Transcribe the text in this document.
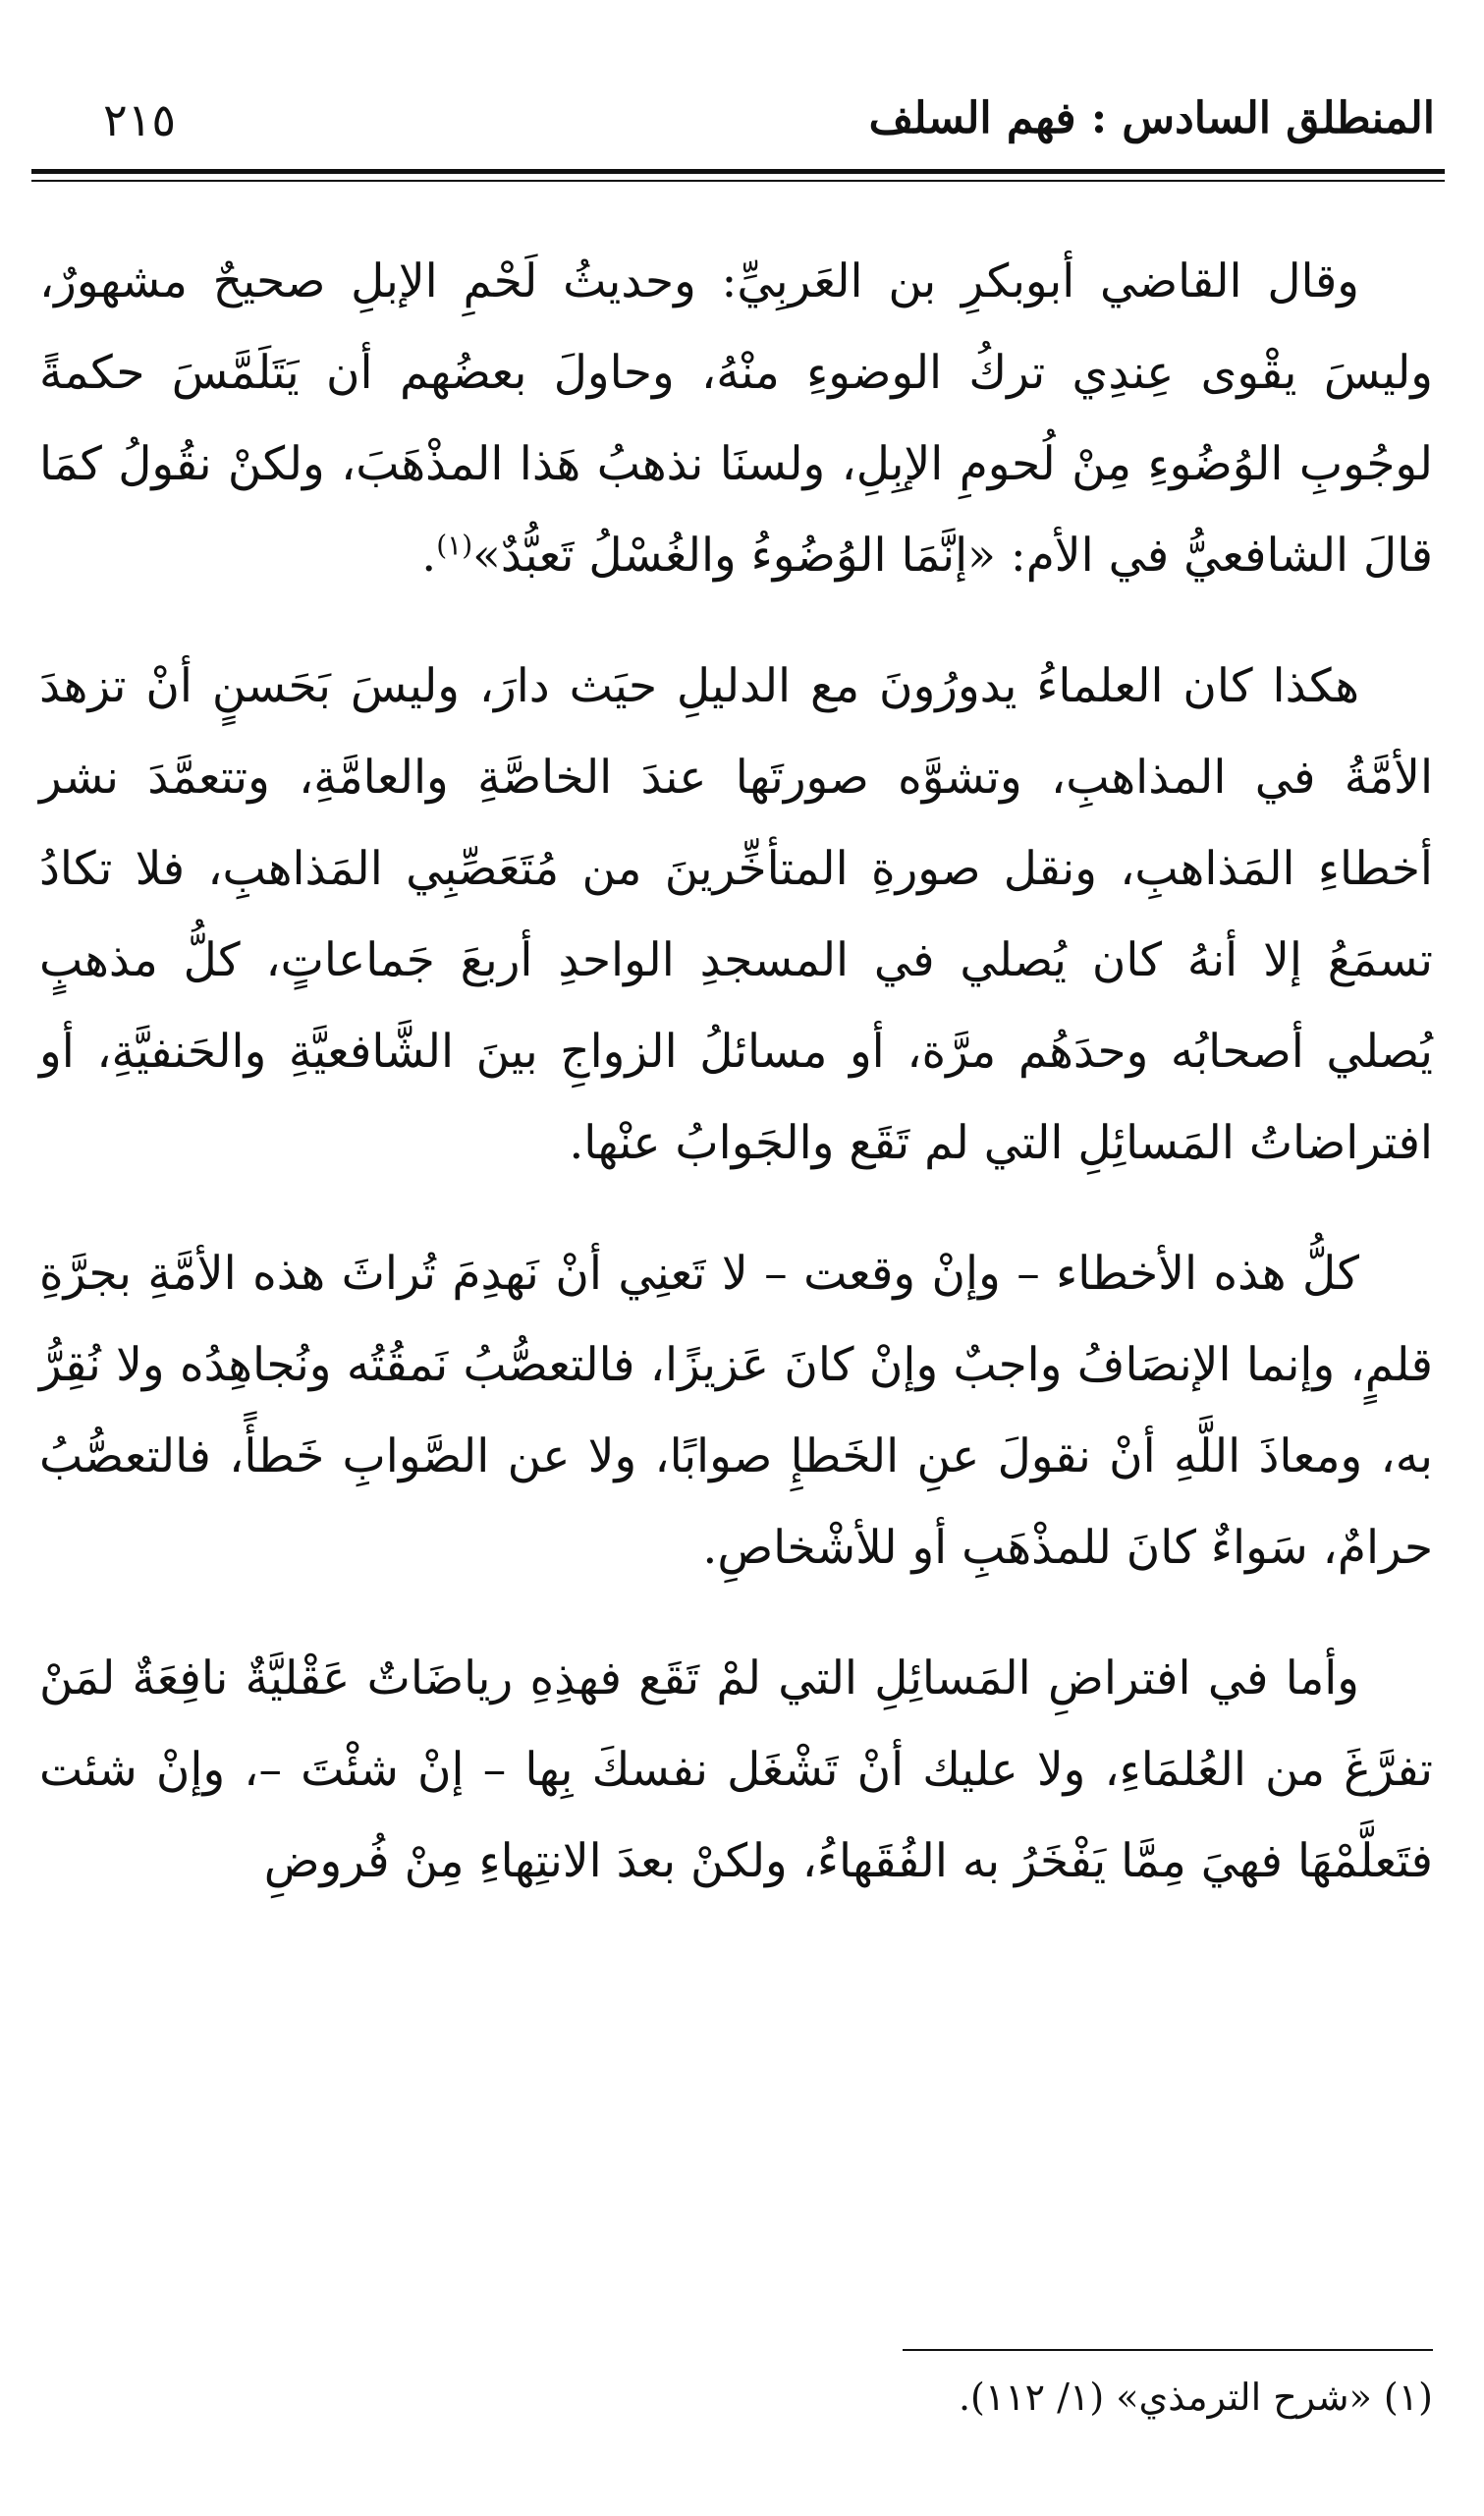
المنطلق السادس : فهم السلف
٢١٥

وقال القاضي أبوبكرِ بن العَربِيِّ: وحديثُ لَحْمِ الإبلِ صحيحٌ مشهورٌ، وليسَ يقْوى عِندِي تركُ الوضوءِ منْهُ، وحاولَ بعضُهم أن يَتَلَمَّسَ حكمةً لوجُوبِ الوُضُوءِ مِنْ لُحومِ الإبِلِ، ولسنَا نذهبُ هَذا المذْهَبَ، ولكنْ نقُولُ كمَا قالَ الشافعيُّ في الأم: «إنَّمَا الوُضُوءُ والغُسْلُ تَعبُّدٌ»$^{(١)}$.

هكذا كان العلماءُ يدورُونَ مع الدليلِ حيَث دارَ، وليسَ بَحَسنٍ أنْ تزهدَ الأمَّةُ في المذاهبِ، وتشوَّه صورتَها عندَ الخاصَّةِ والعامَّةِ، وتتعمَّدَ نشر أخطاءِ المَذاهبِ، ونقل صورةِ المتأخِّرينَ من مُتَعَصِّبِي المَذاهبِ، فلا تكادُ تسمَعُ إلا أنهُ كان يُصلي في المسجدِ الواحدِ أربعَ جَماعاتٍ، كلُّ مذهبٍ يُصلي أصحابُه وحدَهُم مرَّة، أو مسائلُ الزواجِ بينَ الشَّافعيَّةِ والحَنفيَّةِ، أو افتراضاتُ المَسائِلِ التي لم تَقَع والجَوابُ عنْها.

كلُّ هذه الأخطاء – وإنْ وقعت – لا تَعنِي أنْ نَهدِمَ تُراثَ هذه الأمَّةِ بجرَّةِ قلمٍ، وإنما الإنصَافُ واجبٌ وإنْ كانَ عَزيزًا، فالتعصُّبُ نَمقُتُه ونُجاهِدُه ولا نُقِرُّ به، ومعاذَ اللَّهِ أنْ نقولَ عنِ الخَطإِ صوابًا، ولا عن الصَّوابِ خَطأً، فالتعصُّبُ حرامٌ، سَواءٌ كانَ للمذْهَبِ أو للأشْخاصِ.

وأما في افتراضِ المَسائِلِ التي لمْ تَقَع فهذِهِ رياضَاتٌ عَقْليَّةٌ نافِعَةٌ لمَنْ تفرَّغَ من العُلمَاءِ، ولا عليك أنْ تَشْغَل نفسكَ بِها – إنْ شئْتَ –، وإنْ شئت فتَعلَّمْهَا فهيَ مِمَّا يَفْخَرُ به الفُقَهاءُ، ولكنْ بعدَ الانتِهاءِ مِنْ فُروضِ

(١) «شرح الترمذي» (١/ ١١٢).
